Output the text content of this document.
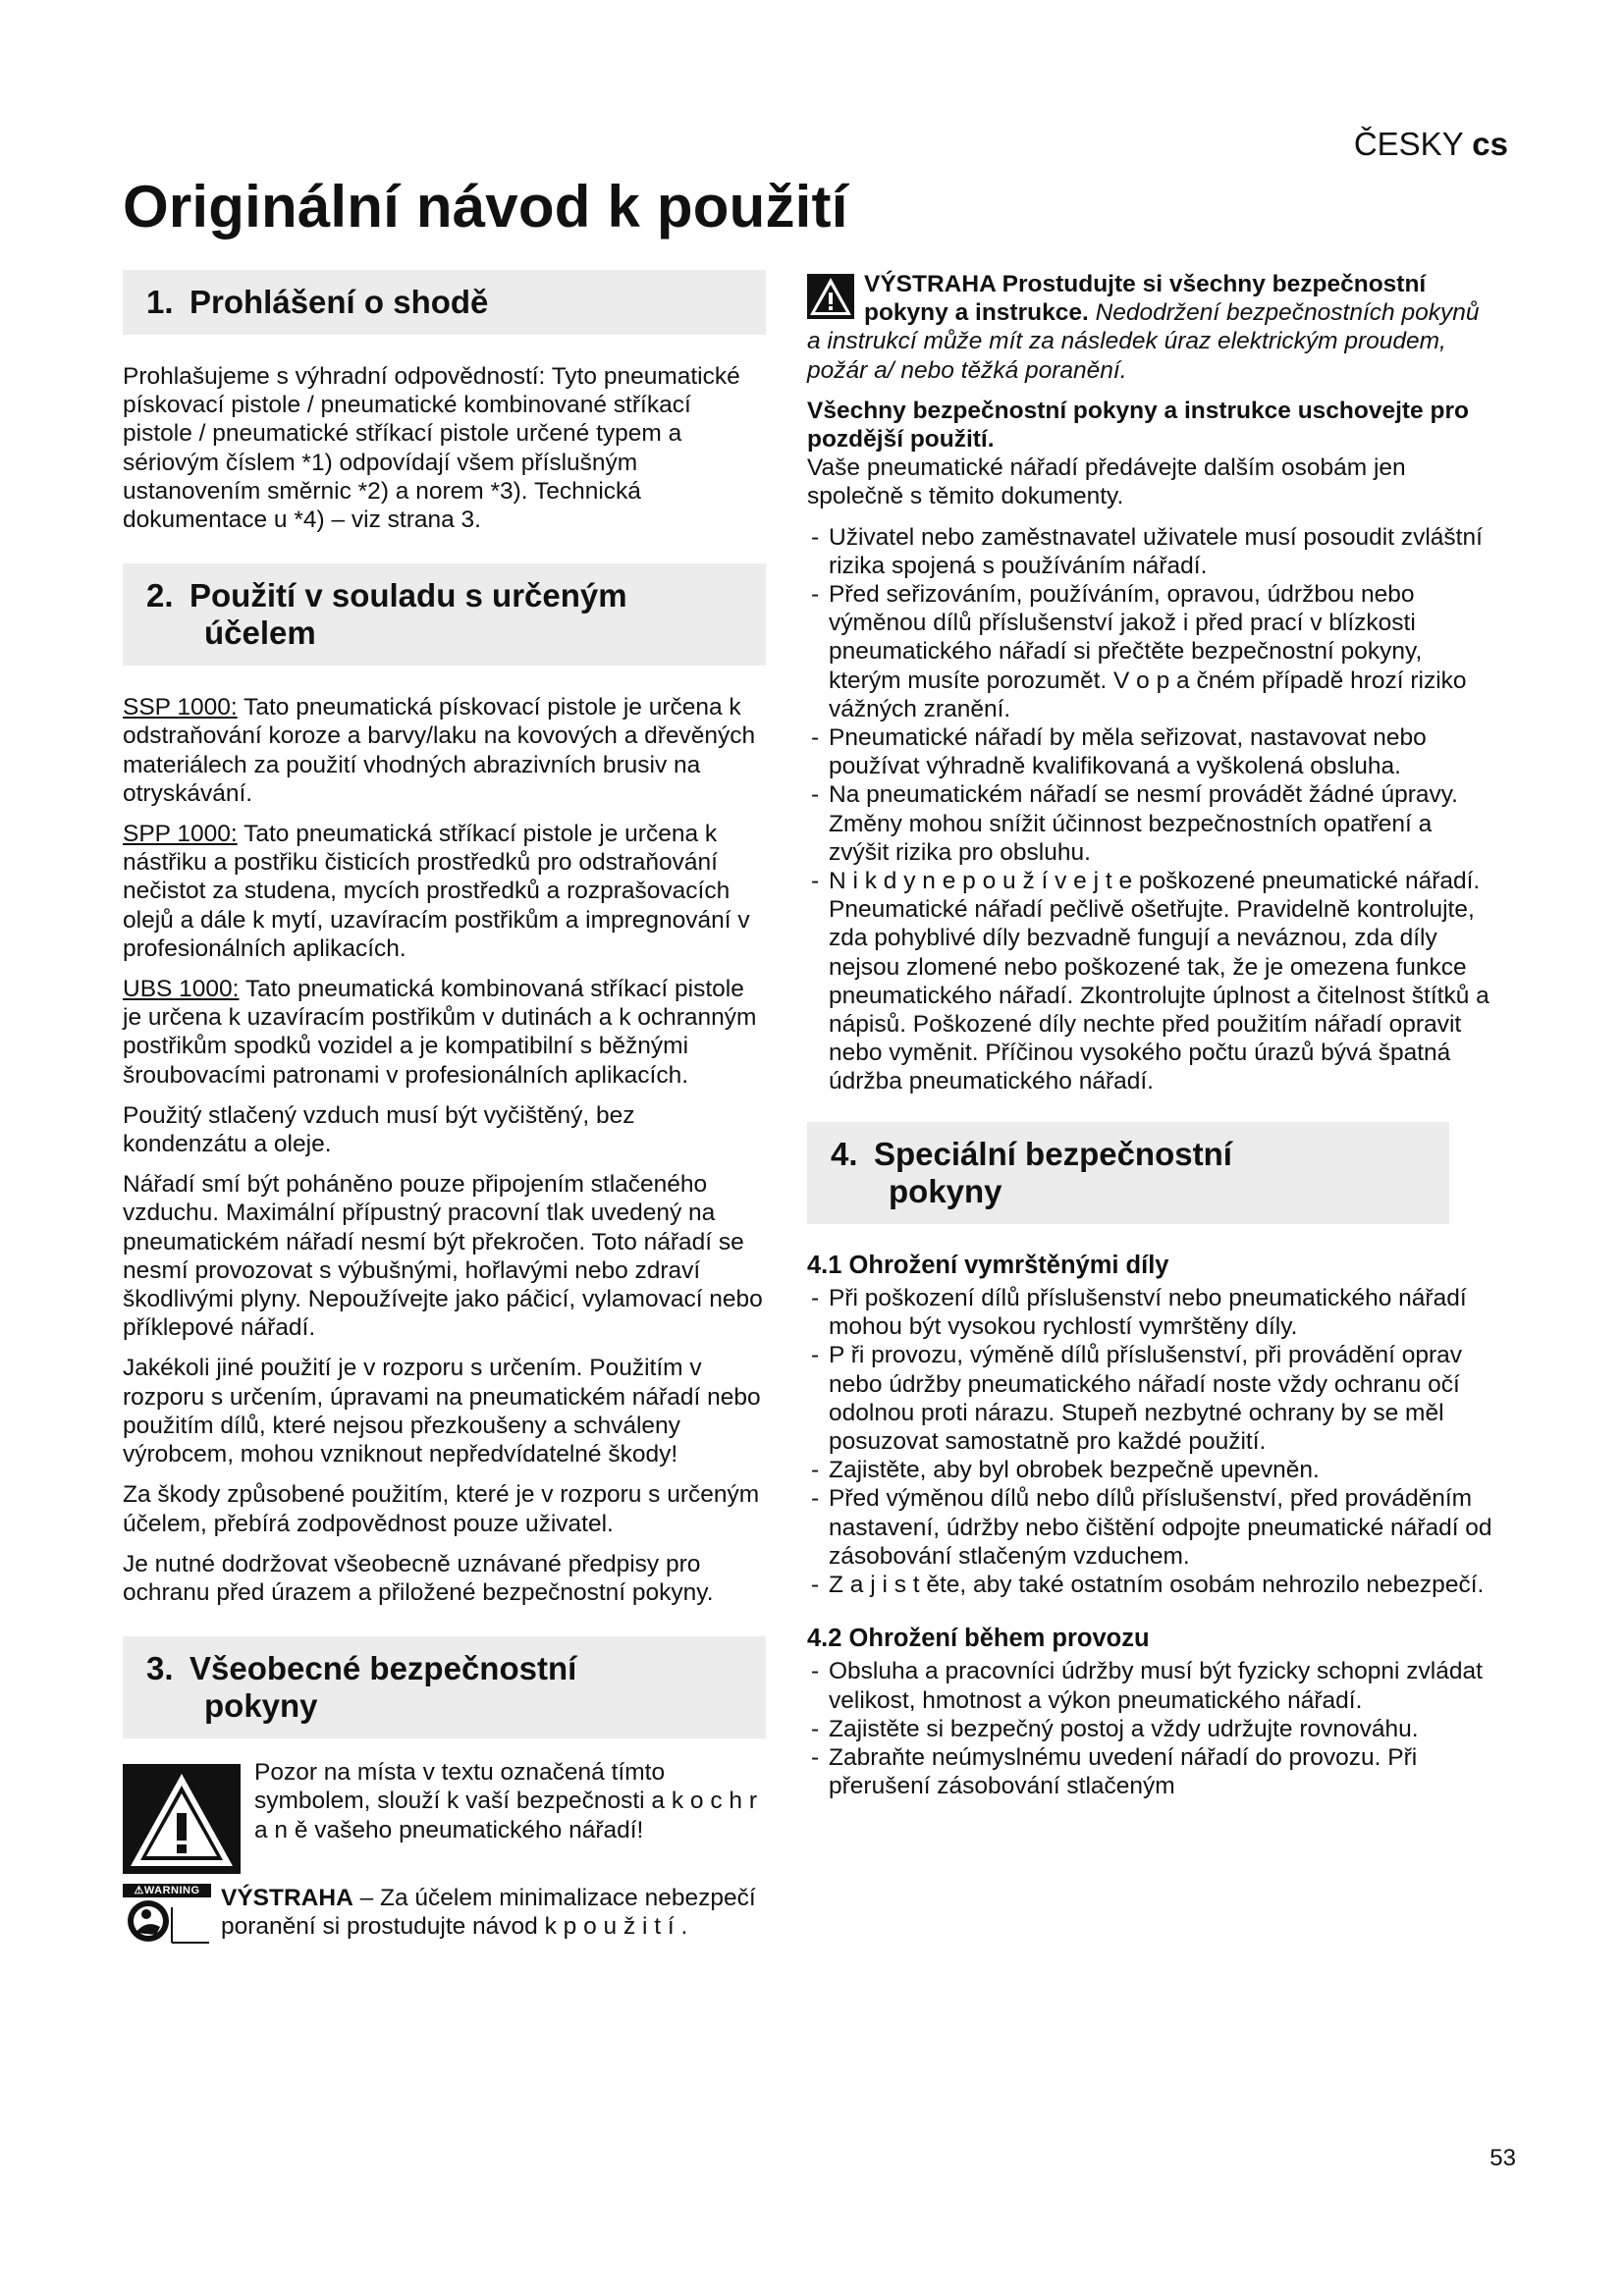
ČESKY cs
Originální návod k použití
1. Prohlášení o shodě

Prohlašujeme s výhradní odpovědností: Tyto pneumatické pískovací pistole / pneumatické kombinované stříkací pistole / pneumatické stříkací pistole určené typem a sériovým číslem *1) odpovídají všem příslušným ustanovením směrnic *2) a norem *3). Technická dokumentace u *4) – viz strana 3.

2. Použití v souladu s určeným
účelem

SSP 1000: Tato pneumatická pískovací pistole je určena k odstraňování koroze a barvy/laku na kovových a dřevěných materiálech za použití vhodných abrazivních brusiv na otryskávání.

SPP 1000: Tato pneumatická stříkací pistole je určena k nástřiku a postřiku čisticích prostředků pro odstraňování nečistot za studena, mycích prostředků a rozprašovacích olejů a dále k mytí, uzavíracím postřikům a impregnování v profesionálních aplikacích.

UBS 1000: Tato pneumatická kombinovaná stříkací pistole je určena k uzavíracím postřikům v dutinách a k ochranným postřikům spodků vozidel a je kompatibilní s běžnými šroubovacími patronami v profesionálních aplikacích.

Použitý stlačený vzduch musí být vyčištěný, bez kondenzátu a oleje.

Nářadí smí být poháněno pouze připojením stlačeného vzduchu. Maximální přípustný pracovní tlak uvedený na pneumatickém nářadí nesmí být překročen. Toto nářadí se nesmí provozovat s výbušnými, hořlavými nebo zdraví škodlivými plyny. Nepoužívejte jako páčicí, vylamovací nebo příklepové nářadí.

Jakékoli jiné použití je v rozporu s určením. Použitím v rozporu s určením, úpravami na pneumatickém nářadí nebo použitím dílů, které nejsou přezkoušeny a schváleny výrobcem, mohou vzniknout nepředvídatelné škody!

Za škody způsobené použitím, které je v rozporu s určeným účelem, přebírá zodpovědnost pouze uživatel.

Je nutné dodržovat všeobecně uznávané předpisy pro ochranu před úrazem a přiložené bezpečnostní pokyny.

3. Všeobecné bezpečnostní
pokyny

Pozor na místa v textu označená tímto symbolem, slouží k vaší bezpečnosti a k o c h r a n ě vašeho pneumatického nářadí!

⚠WARNING VÝSTRAHA – Za účelem minimalizace nebezpečí poranění si prostudujte návod k p o u ž i t í .

VÝSTRAHA Prostudujte si všechny bezpečnostní pokyny a instrukce. Nedodržení bezpečnostních pokynů a instrukcí může mít za následek úraz elektrickým proudem, požár a/ nebo těžká poranění.

Všechny bezpečnostní pokyny a instrukce uschovejte pro pozdější použití.
Vaše pneumatické nářadí předávejte dalším osobám jen společně s těmito dokumenty.

- Uživatel nebo zaměstnavatel uživatele musí posoudit zvláštní rizika spojená s používáním nářadí.
- Před seřizováním, používáním, opravou, údržbou nebo výměnou dílů příslušenství jakož i před prací v blízkosti pneumatického nářadí si přečtěte bezpečnostní pokyny, kterým musíte porozumět. V o p a čném případě hrozí riziko vážných zranění.
- Pneumatické nářadí by měla seřizovat, nastavovat nebo používat výhradně kvalifikovaná a vyškolená obsluha.
- Na pneumatickém nářadí se nesmí provádět žádné úpravy. Změny mohou snížit účinnost bezpečnostních opatření a zvýšit rizika pro obsluhu.
- N i k d y n e p o u ž í v e j t e poškozené pneumatické nářadí. Pneumatické nářadí pečlivě ošetřujte. Pravidelně kontrolujte, zda pohyblivé díly bezvadně fungují a neváznou, zda díly nejsou zlomené nebo poškozené tak, že je omezena funkce pneumatického nářadí. Zkontrolujte úplnost a čitelnost štítků a nápisů. Poškozené díly nechte před použitím nářadí opravit nebo vyměnit. Příčinou vysokého počtu úrazů bývá špatná údržba pneumatického nářadí.
4. Speciální bezpečnostní
pokyny
4.1 Ohrožení vymrštěnými díly
- Při poškození dílů příslušenství nebo pneumatického nářadí mohou být vysokou rychlostí vymrštěny díly.
- P ři provozu, výměně dílů příslušenství, při provádění oprav nebo údržby pneumatického nářadí noste vždy ochranu očí odolnou proti nárazu. Stupeň nezbytné ochrany by se měl posuzovat samostatně pro každé použití.
- Zajistěte, aby byl obrobek bezpečně upevněn.
- Před výměnou dílů nebo dílů příslušenství, před prováděním nastavení, údržby nebo čištění odpojte pneumatické nářadí od zásobování stlačeným vzduchem.
- Z a j i s t ěte, aby také ostatním osobám nehrozilo nebezpečí.
4.2 Ohrožení během provozu
- Obsluha a pracovníci údržby musí být fyzicky schopni zvládat velikost, hmotnost a výkon pneumatického nářadí.
- Zajistěte si bezpečný postoj a vždy udržujte rovnováhu.
- Zabraňte neúmyslnému uvedení nářadí do provozu. Při přerušení zásobování stlačeným
53
